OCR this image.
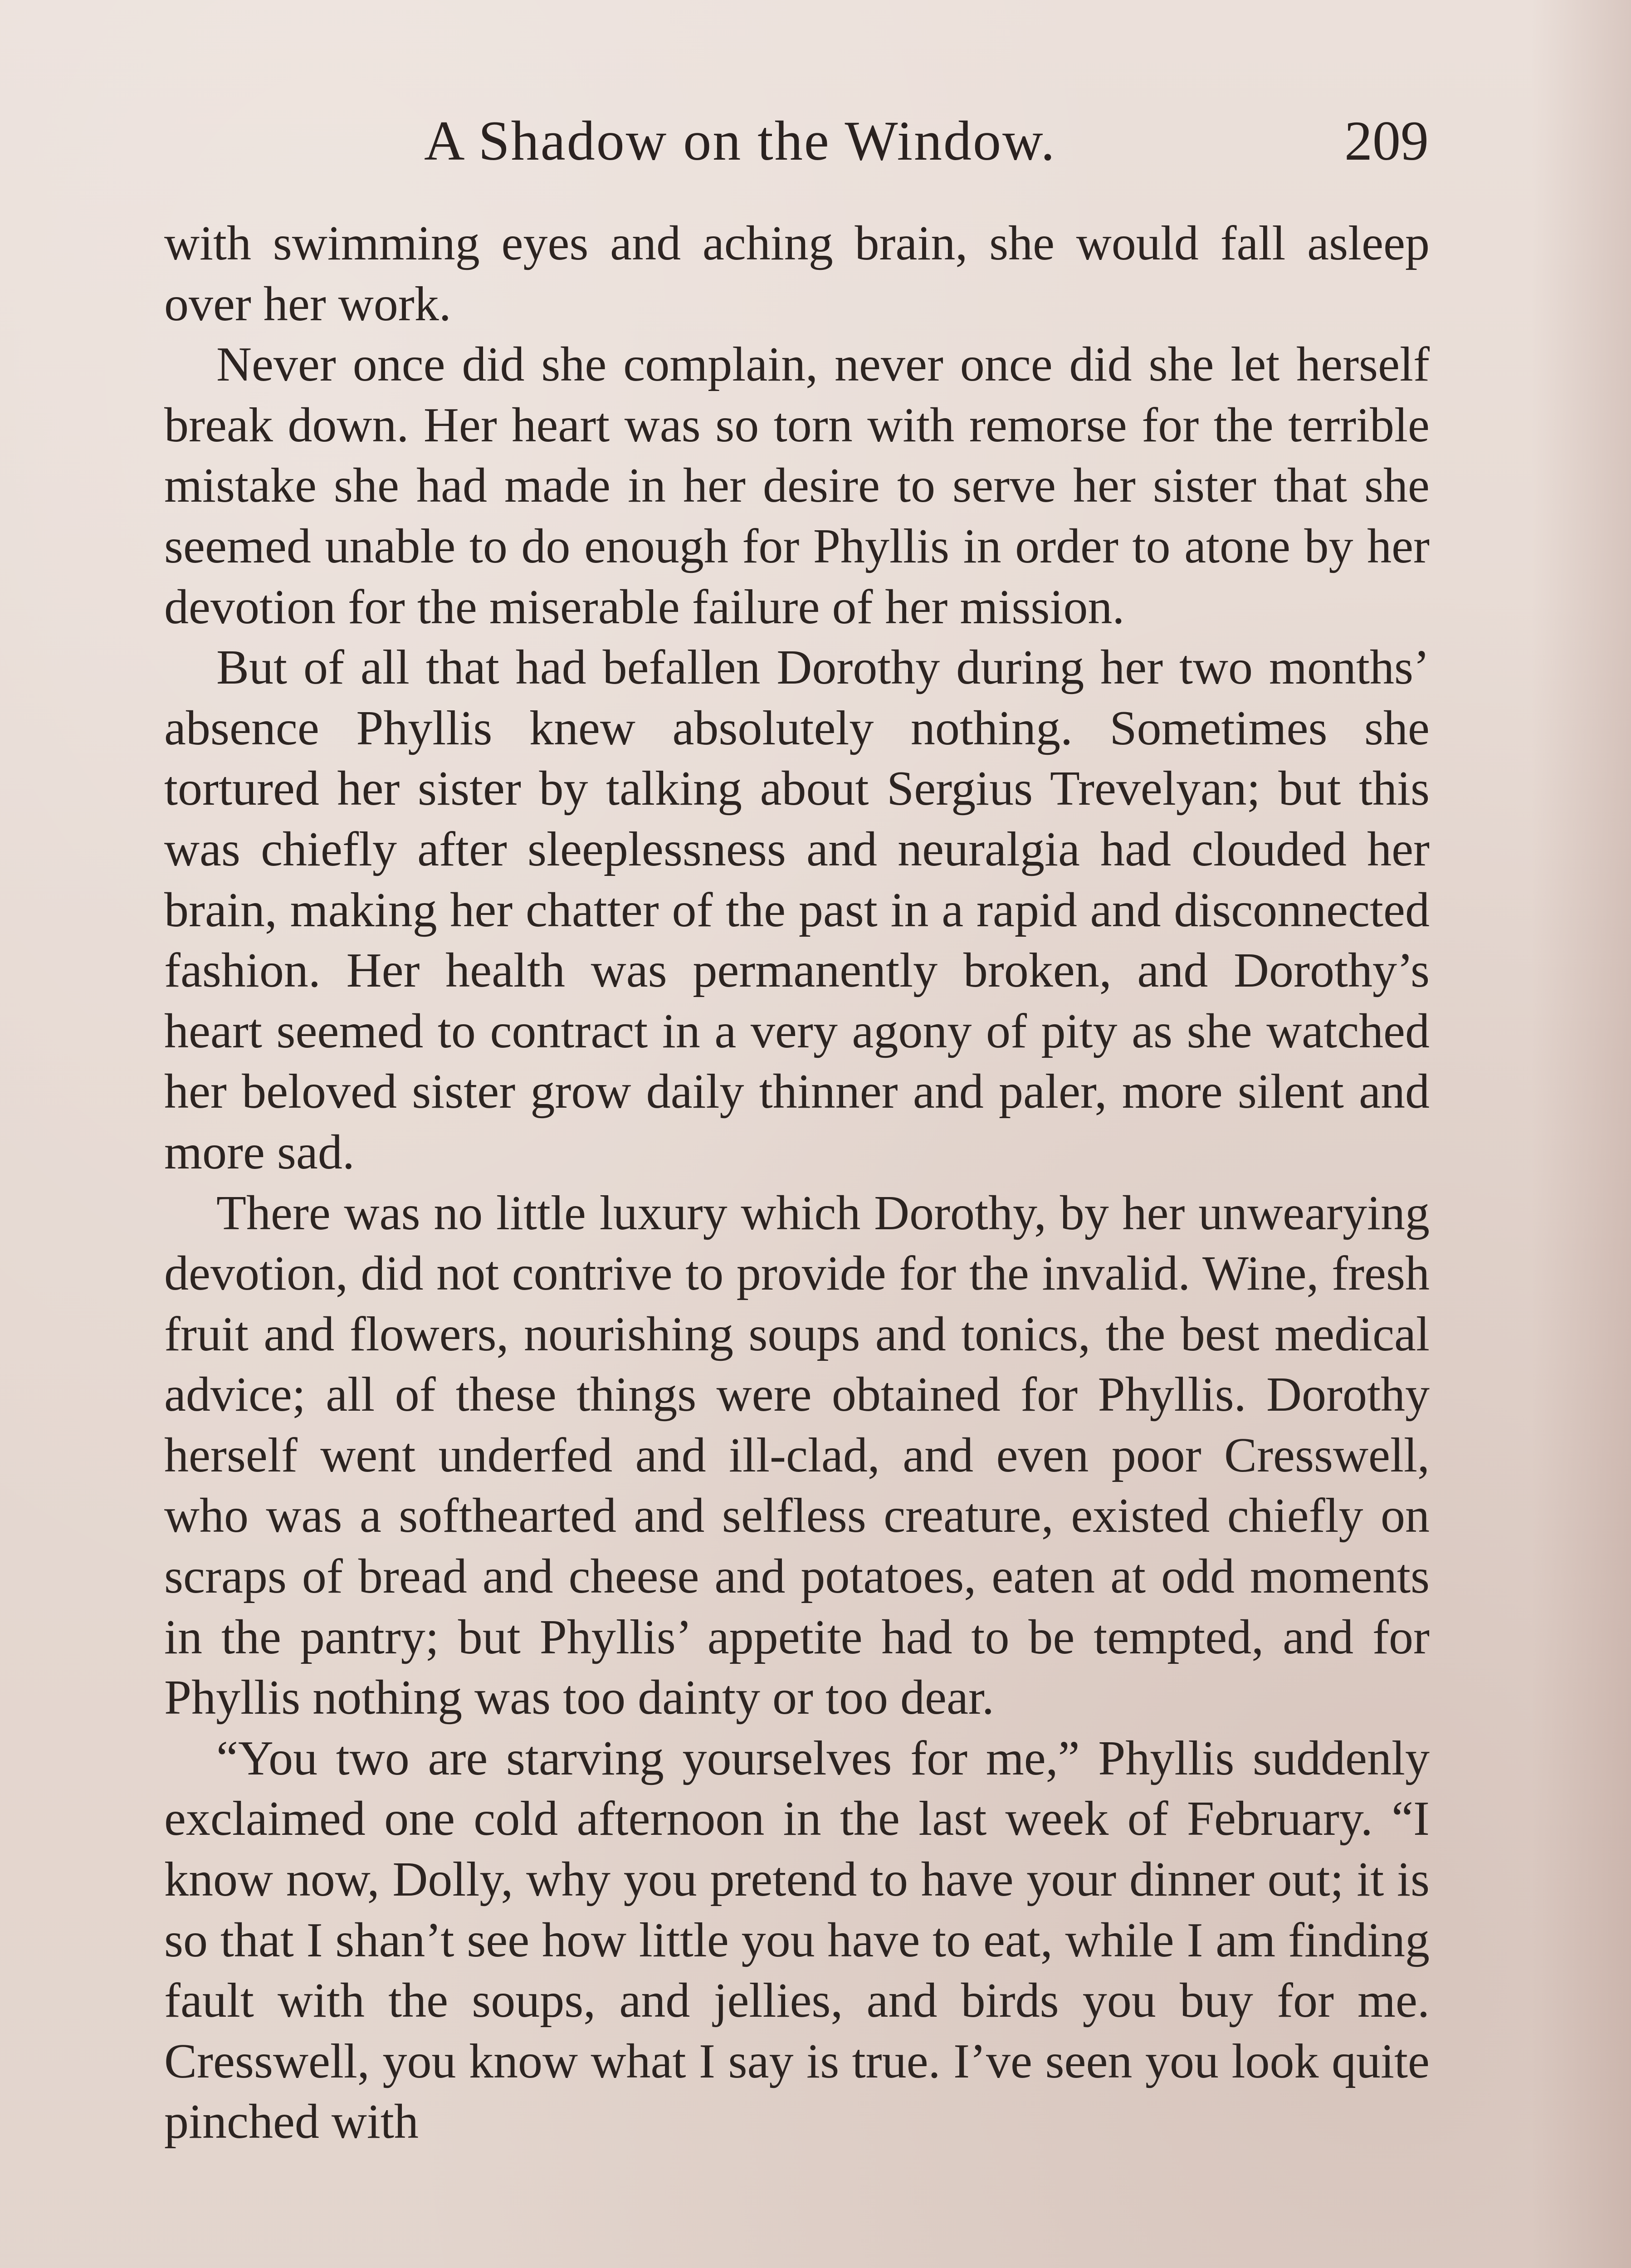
A Shadow on the Window.	209

with swimming eyes and aching brain, she would fall asleep over her work.

Never once did she complain, never once did she let herself break down. Her heart was so torn with remorse for the terrible mistake she had made in her desire to serve her sister that she seemed unable to do enough for Phyllis in order to atone by her devotion for the miserable failure of her mission.

But of all that had befallen Dorothy during her two months’ absence Phyllis knew absolutely nothing. Sometimes she tortured her sister by talking about Sergius Trevelyan; but this was chiefly after sleeplessness and neuralgia had clouded her brain, making her chatter of the past in a rapid and disconnected fashion. Her health was permanently broken, and Dorothy’s heart seemed to contract in a very agony of pity as she watched her beloved sister grow daily thinner and paler, more silent and more sad.

There was no little luxury which Dorothy, by her unwearying devotion, did not contrive to provide for the invalid. Wine, fresh fruit and flowers, nourishing soups and tonics, the best medical advice; all of these things were obtained for Phyllis. Dorothy herself went underfed and ill-clad, and even poor Cresswell, who was a softhearted and selfless creature, existed chiefly on scraps of bread and cheese and potatoes, eaten at odd moments in the pantry; but Phyllis’ appetite had to be tempted, and for Phyllis nothing was too dainty or too dear.

“You two are starving yourselves for me,” Phyllis suddenly exclaimed one cold afternoon in the last week of February. “I know now, Dolly, why you pretend to have your dinner out; it is so that I shan’t see how little you have to eat, while I am finding fault with the soups, and jellies, and birds you buy for me. Cresswell, you know what I say is true. I’ve seen you look quite pinched with
